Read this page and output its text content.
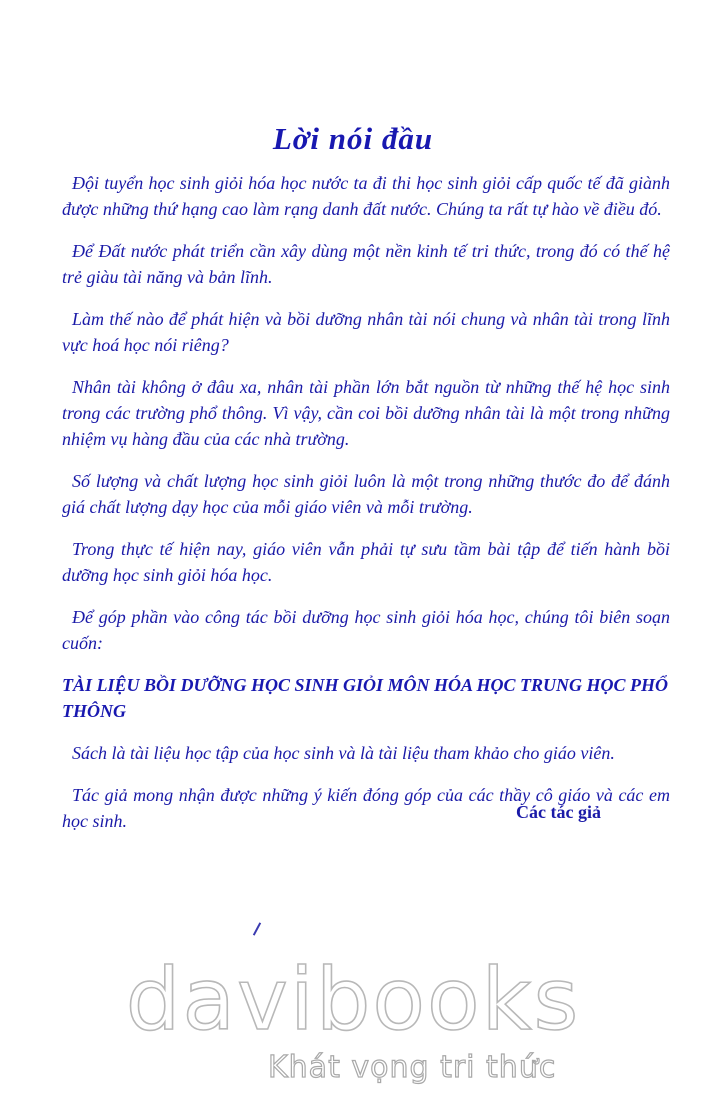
Lời nói đầu

Đội tuyển học sinh giỏi hóa học nước ta đi thi học sinh giỏi cấp quốc tế đã giành được những thứ hạng cao làm rạng danh đất nước. Chúng ta rất tự hào về điều đó.

Để Đất nước phát triển cần xây dùng một nền kinh tế tri thức, trong đó có thế hệ trẻ giàu tài năng và bản lĩnh.

Làm thế nào để phát hiện và bồi dưỡng nhân tài nói chung và nhân tài trong lĩnh vực hoá học nói riêng?

Nhân tài không ở đâu xa, nhân tài phần lớn bắt nguồn từ những thế hệ học sinh trong các trường phổ thông. Vì vậy, cần coi bồi dưỡng nhân tài là một trong những nhiệm vụ hàng đầu của các nhà trường.

Số lượng và chất lượng học sinh giỏi luôn là một trong những thước đo để đánh giá chất lượng dạy học của mỗi giáo viên và mỗi trường.

Trong thực tế hiện nay, giáo viên vẫn phải tự sưu tầm bài tập để tiến hành bồi dưỡng học sinh giỏi hóa học.

Để góp phần vào công tác bồi dưỡng học sinh giỏi hóa học, chúng tôi biên soạn cuốn:

TÀI LIỆU BỒI DƯỠNG HỌC SINH GIỎI MÔN HÓA HỌC TRUNG HỌC PHỔ THÔNG

Sách là tài liệu học tập của học sinh và là tài liệu tham khảo cho giáo viên.

Tác giả mong nhận được những ý kiến đóng góp của các thầy cô giáo và các em học sinh.	Các tác giả
davibooks
Khát vọng tri thức
